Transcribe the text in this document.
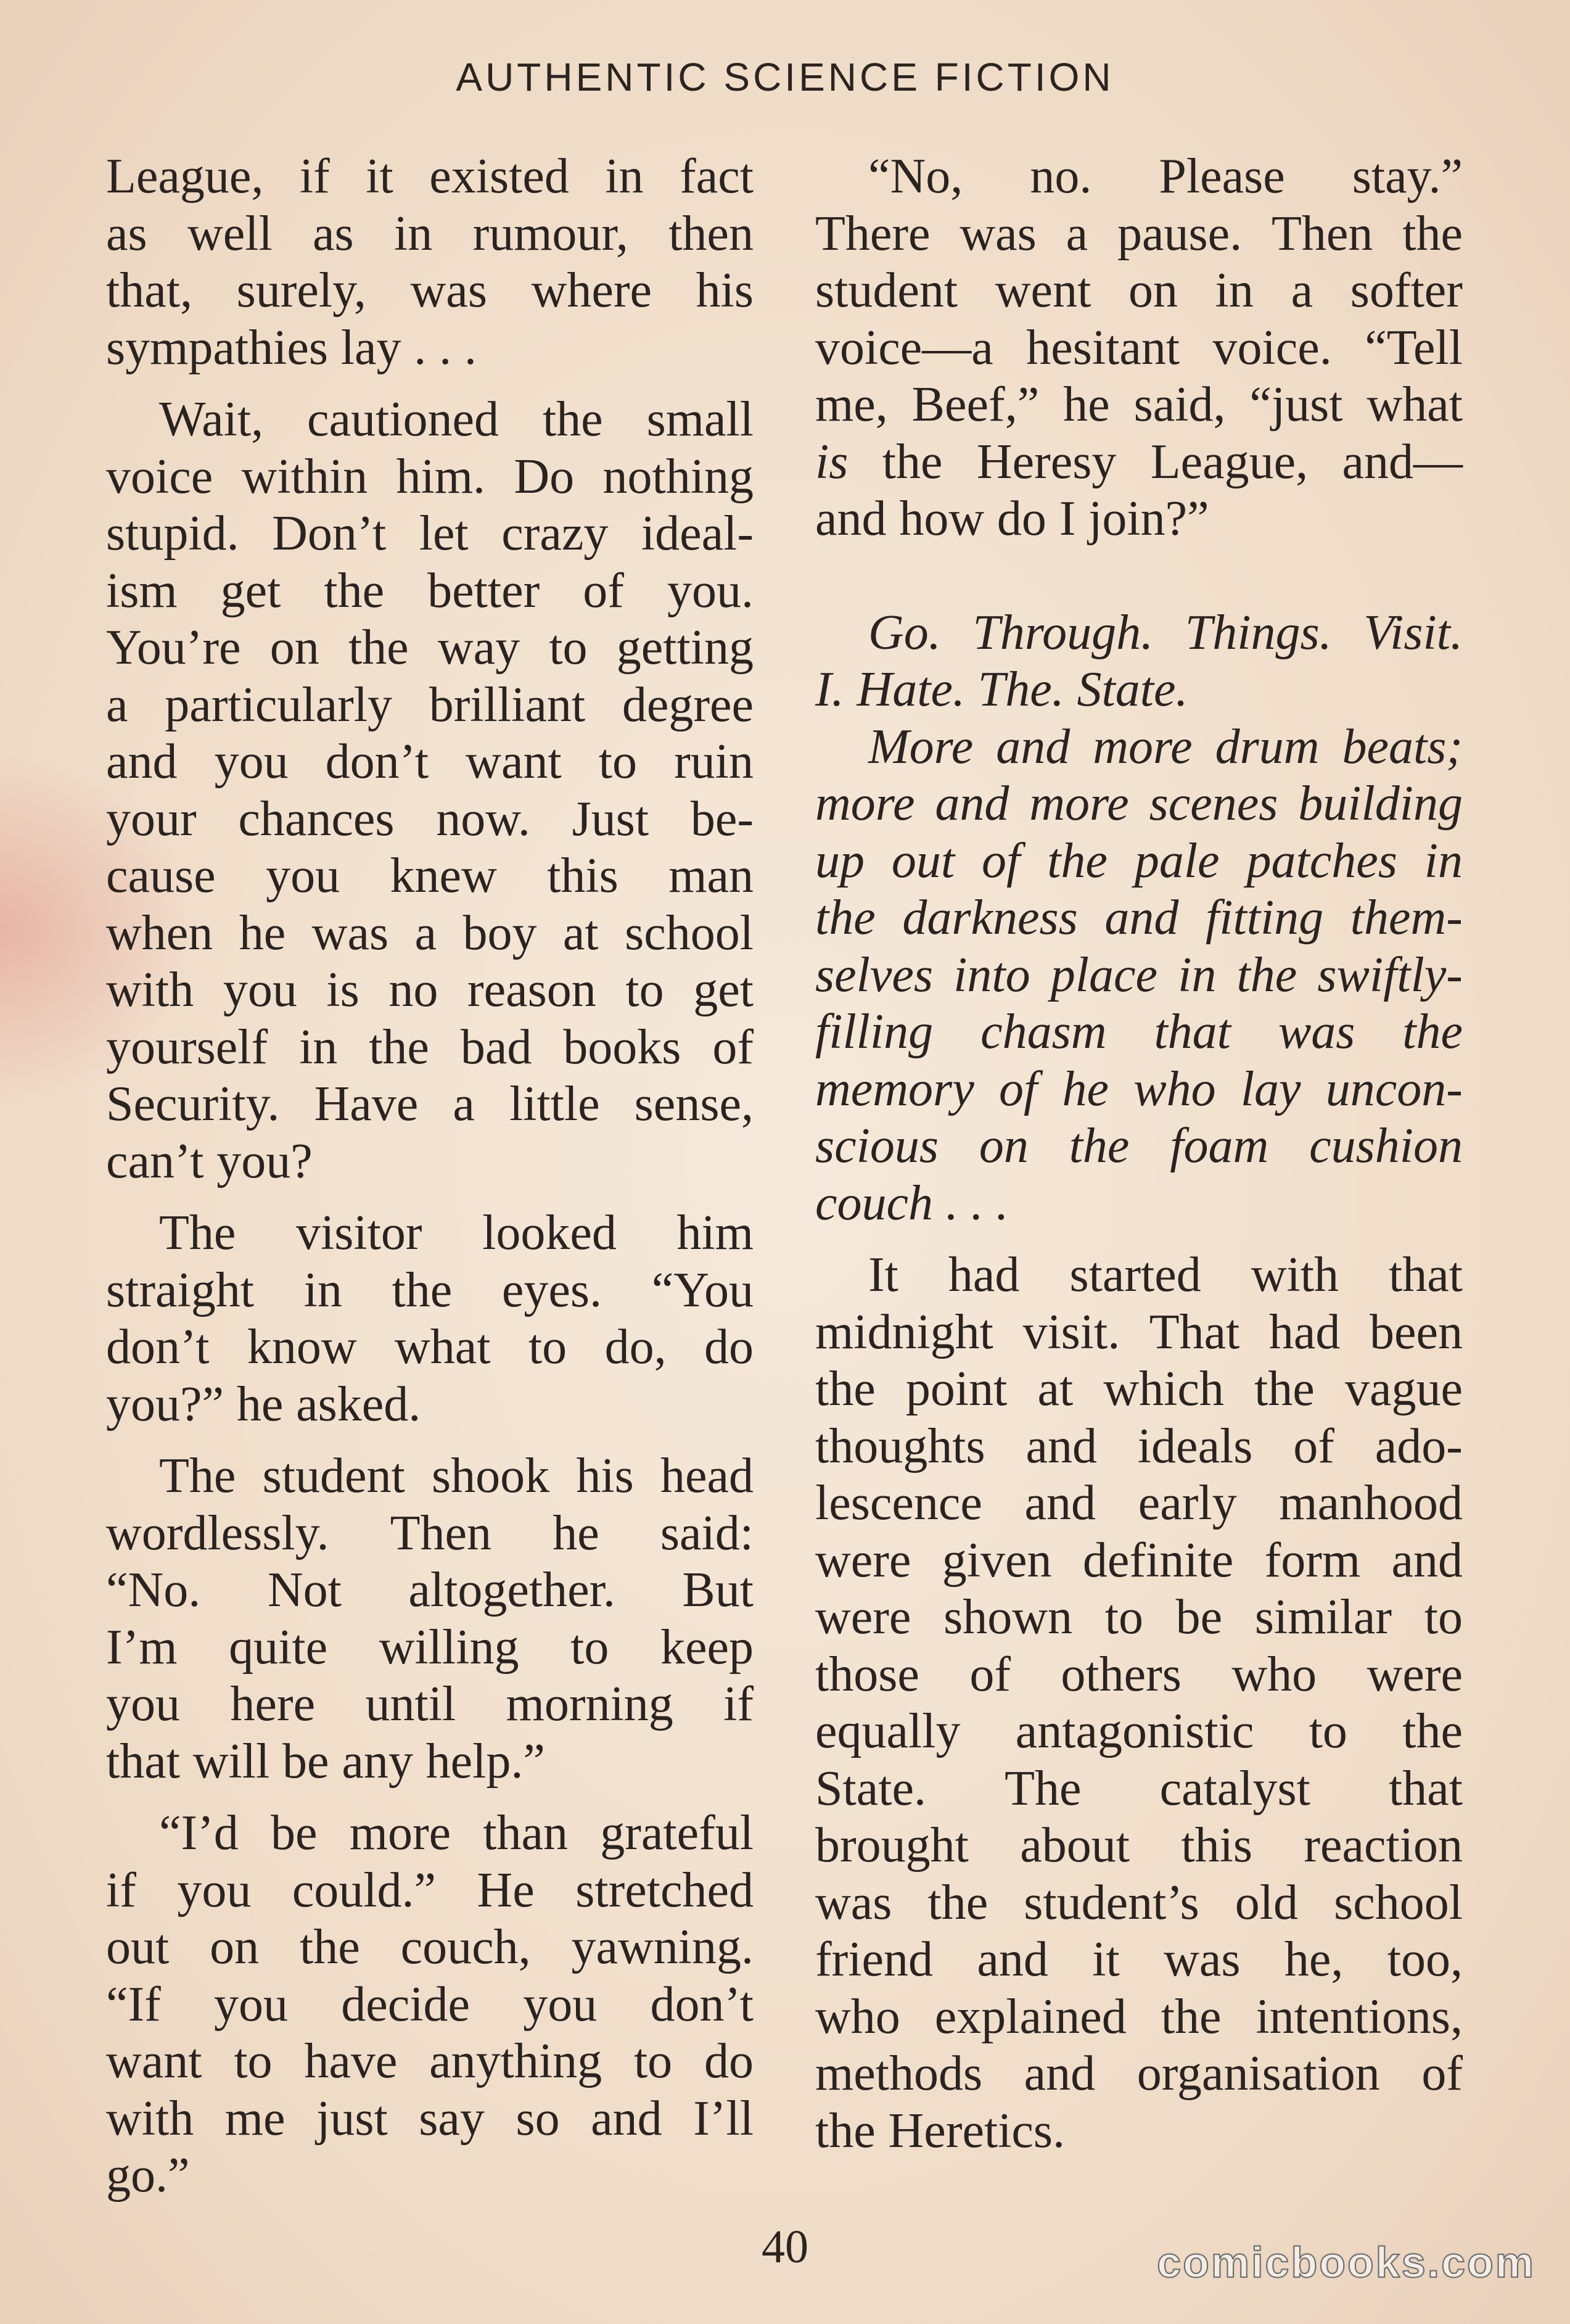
AUTHENTIC SCIENCE FICTION
League, if it existed in fact
as well as in rumour, then
that, surely, was where his
sympathies lay . . .
Wait, cautioned the small
voice within him. Do nothing
stupid. Don’t let crazy ideal-
ism get the better of you.
You’re on the way to getting
a particularly brilliant degree
and you don’t want to ruin
your chances now. Just be-
cause you knew this man
when he was a boy at school
with you is no reason to get
yourself in the bad books of
Security. Have a little sense,
can’t you?
The visitor looked him
straight in the eyes. “You
don’t know what to do, do
you?” he asked.
The student shook his head
wordlessly. Then he said:
“No. Not altogether. But
I’m quite willing to keep
you here until morning if
that will be any help.”
“I’d be more than grateful
if you could.” He stretched
out on the couch, yawning.
“If you decide you don’t
want to have anything to do
with me just say so and I’ll
go.”
“No, no. Please stay.”
There was a pause. Then the
student went on in a softer
voice—a hesitant voice. “Tell
me, Beef,” he said, “just what
is the Heresy League, and—
and how do I join?”
Go. Through. Things. Visit.
I. Hate. The. State.
More and more drum beats;
more and more scenes building
up out of the pale patches in
the darkness and fitting them-
selves into place in the swiftly-
filling chasm that was the
memory of he who lay uncon-
scious on the foam cushion
couch . . .
It had started with that
midnight visit. That had been
the point at which the vague
thoughts and ideals of ado-
lescence and early manhood
were given definite form and
were shown to be similar to
those of others who were
equally antagonistic to the
State. The catalyst that
brought about this reaction
was the student’s old school
friend and it was he, too,
who explained the intentions,
methods and organisation of
the Heretics.
40	comicbooks.com
